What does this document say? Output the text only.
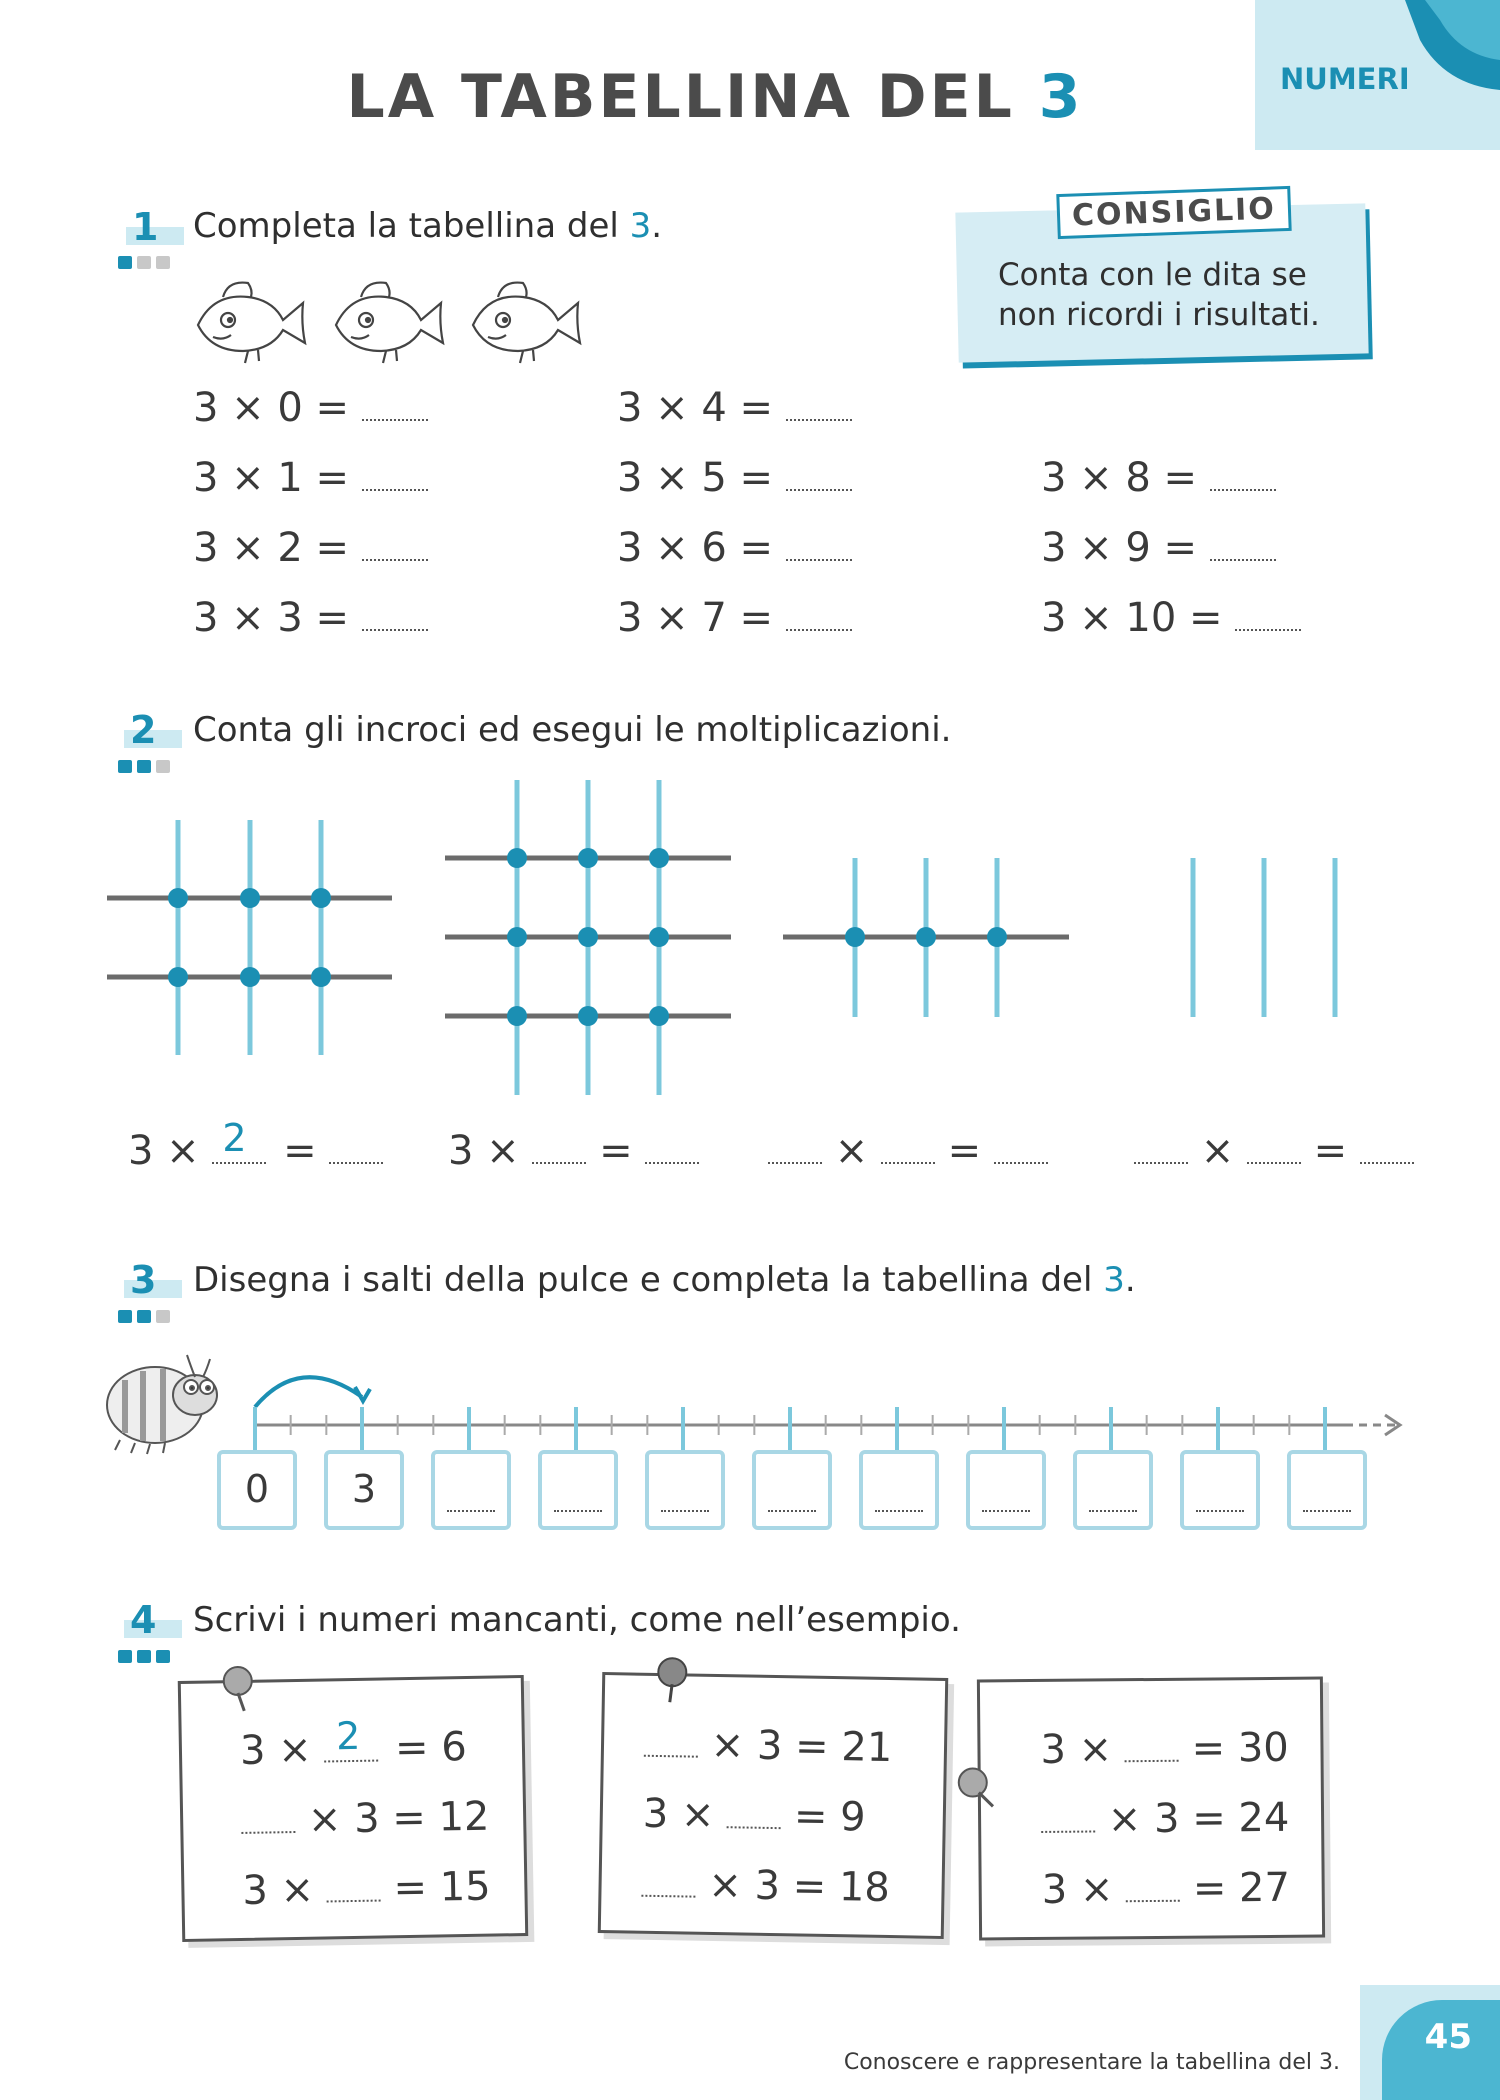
LA TABELLINA DEL 3	NUMERI
1 Completa la tabellina del 3.
3 × 0 =
3 × 1 =
3 × 2 =
3 × 3 =
3 × 4 =
3 × 5 =
3 × 6 =
3 × 7 =
3 × 8 =
3 × 9 =
3 × 10 =
CONSIGLIO
Conta con le dita se
non ricordi i risultati.
2 Conta gli incroci ed esegui le moltiplicazioni.
3 × 2 =	3 × =	× =	× =
3 Disegna i salti della pulce e completa la tabellina del 3.
0	3
4 Scrivi i numeri mancanti, come nell’esempio.
3 × 2 = 6
× 3 = 12
3 × = 15
× 3 = 21
3 × = 9
× 3 = 18
3 × = 30
× 3 = 24
3 × = 27
Conoscere e rappresentare la tabellina del 3.
45
